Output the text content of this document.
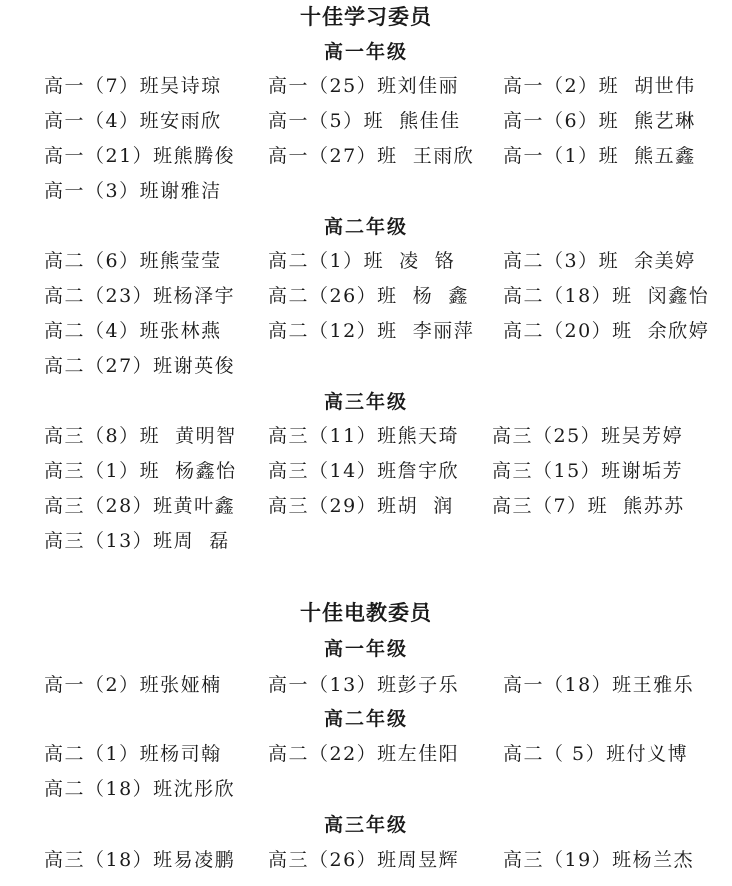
十佳学习委员
高一年级
高一（7）班吴诗琼 高一（25）班刘佳丽 高一（2）班  胡世伟
高一（4）班安雨欣 高一（5）班  熊佳佳 高一（6）班  熊艺琳
高一（21）班熊腾俊 高一（27）班  王雨欣 高一（1）班  熊五鑫
高一（3）班谢雅洁
高二年级
高二（6）班熊莹莹 高二（1）班  凌  铬	高二（3）班  余美婷
高二（23）班杨泽宇 高二（26）班  杨  鑫 高二（18）班  闵鑫怡
高二（4）班张林燕 高二（12）班  李丽萍 高二（20）班  余欣婷
高二（27）班谢英俊
高三年级
高三（8）班  黄明智 高三（11）班熊天琦 高三（25）班吴芳婷
高三（1）班  杨鑫怡 高三（14）班詹宇欣 高三（15）班谢垢芳
高三（28）班黄叶鑫 高三（29）班胡  润 高三（7）班  熊苏苏
高三（13）班周  磊
十佳电教委员
高一年级
高一（2）班张娅楠 高一（13）班彭子乐 高一（18）班王雅乐
高二年级
高二（1）班杨司翰 高二（22）班左佳阳 高二（ 5）班付义博
高二（18）班沈彤欣
高三年级
高三（18）班易凌鹏 高三（26）班周昱辉 高三（19）班杨兰杰
